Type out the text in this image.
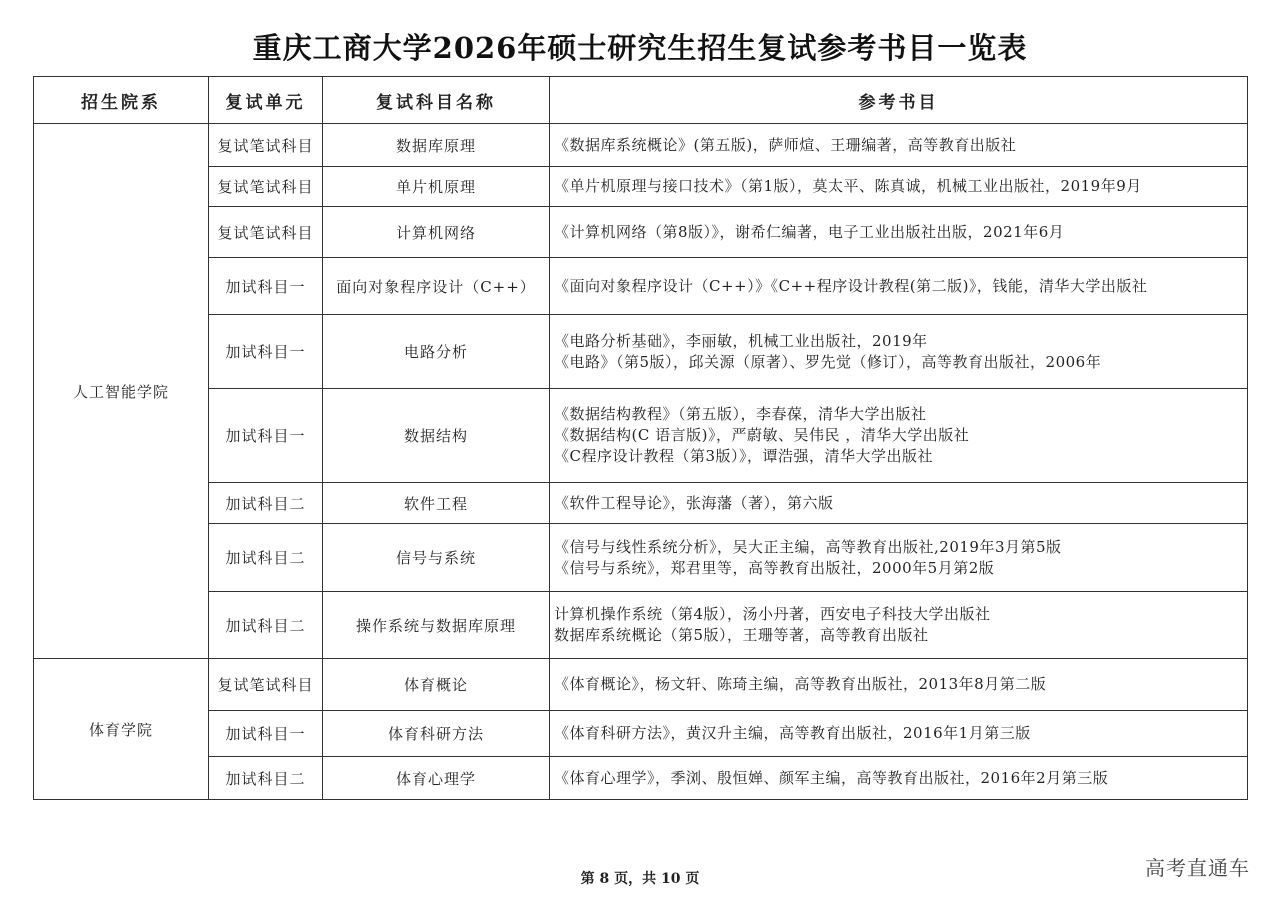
重庆工商大学2026年硕士研究生招生复试参考书目一览表
招生院系	复试单元	复试科目名称	参考书目
人工智能学院	复试笔试科目	数据库原理	《数据库系统概论》(第五版)，萨师煊、王珊编著，高等教育出版社

	复试笔试科目	单片机原理	《单片机原理与接口技术》（第1版），莫太平、陈真诚，机械工业出版社，2019年9月

	复试笔试科目	计算机网络	《计算机网络（第8版）》，谢希仁编著，电子工业出版社出版，2021年6月

	加试科目一	面向对象程序设计（C++）	《面向对象程序设计（C++）》《C++程序设计教程(第二版)》，钱能，清华大学出版社

	加试科目一	电路分析	《电路分析基础》，李丽敏，机械工业出版社，2019年
《电路》（第5版），邱关源（原著）、罗先觉（修订），高等教育出版社，2006年

	加试科目一	数据结构	《数据结构教程》（第五版），李春葆，清华大学出版社
《数据结构(C 语言版)》，严蔚敏、吴伟民 ，清华大学出版社
《C程序设计教程（第3版）》，谭浩强，清华大学出版社

	加试科目二	软件工程	《软件工程导论》，张海藩（著），第六版

	加试科目二	信号与系统	《信号与线性系统分析》，吴大正主编，高等教育出版社,2019年3月第5版
《信号与系统》，郑君里等，高等教育出版社，2000年5月第2版

	加试科目二	操作系统与数据库原理	计算机操作系统（第4版），汤小丹著，西安电子科技大学出版社
数据库系统概论（第5版），王珊等著，高等教育出版社

体育学院	复试笔试科目	体育概论	《体育概论》，杨文轩、陈琦主编，高等教育出版社，2013年8月第二版

	加试科目一	体育科研方法	《体育科研方法》，黄汉升主编，高等教育出版社，2016年1月第三版

	加试科目二	体育心理学	《体育心理学》，季浏、殷恒婵、颜军主编，高等教育出版社，2016年2月第三版
第 8 页，共 10 页	高考直通车
